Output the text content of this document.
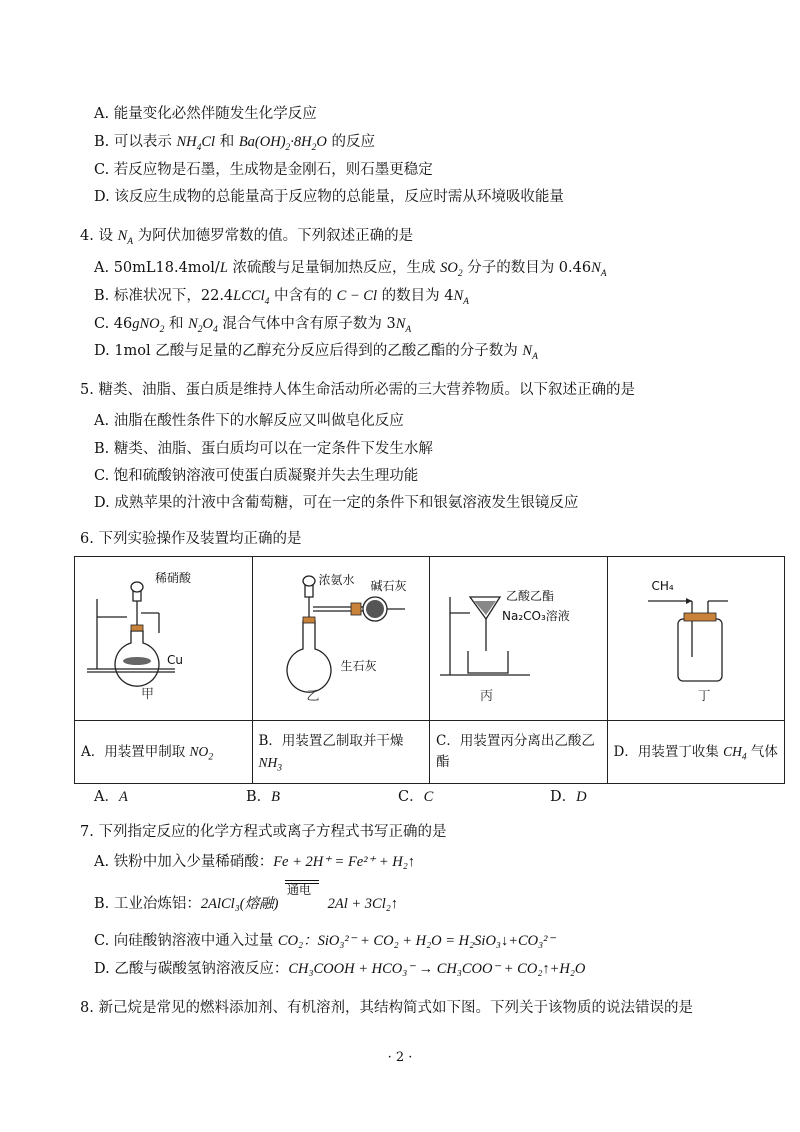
A. 能量变化必然伴随发生化学反应
B. 可以表示 $NH_4Cl$ 和 $Ba(OH)_2\cdot 8H_2O$ 的反应
C. 若反应物是石墨，生成物是金刚石，则石墨更稳定
D. 该反应生成物的总能量高于反应物的总能量，反应时需从环境吸收能量
4. 设 $N_A$ 为阿伏加德罗常数的值。下列叙述正确的是
A. 50mL18.4mol/L 浓硫酸与足量铜加热反应，生成 $SO_2$ 分子的数目为 $0.46N_A$
B. 标准状况下，22.4LCCl$_4$ 中含有的 C − Cl 的数目为 $4N_A$
C. 46gNO$_2$ 和 $N_2O_4$ 混合气体中含有原子数为 $3N_A$
D. 1mol 乙酸与足量的乙醇充分反应后得到的乙酸乙酯的分子数为 $N_A$
5. 糖类、油脂、蛋白质是维持人体生命活动所必需的三大营养物质。以下叙述正确的是
A. 油脂在酸性条件下的水解反应又叫做皂化反应
B. 糖类、油脂、蛋白质均可以在一定条件下发生水解
C. 饱和硫酸钠溶液可使蛋白质凝聚并失去生理功能
D. 成熟苹果的汁液中含葡萄糖，可在一定的条件下和银氨溶液发生银镜反应
6. 下列实验操作及装置均正确的是
稀硝酸
Cu
甲	浓氨水 碱石灰
生石灰
乙	乙酸乙酯
Na₂CO₃溶液
丙	CH₄
丁

A．用装置甲制取 $NO_2$	B．用装置乙制取并干燥 $NH_3$	C．用装置丙分离出乙酸乙酯	D．用装置丁收集 $CH_4$ 气体
A．A	B．B	C．C	D．D
7. 下列指定反应的化学方程式或离子方程式书写正确的是
A. 铁粉中加入少量稀硝酸：Fe + 2H⁺ = Fe²⁺ + H₂↑
B. 工业冶炼铝：2AlCl₃(熔融)
通电
2Al + 3Cl₂↑
C. 向硅酸钠溶液中通入过量 CO₂：SiO₃²⁻ + CO₂ + H₂O = H₂SiO₃↓+CO₃²⁻
D. 乙酸与碳酸氢钠溶液反应：CH₃COOH + HCO₃⁻ → CH₃COO⁻ + CO₂↑+H₂O
8. 新己烷是常见的燃料添加剂、有机溶剂，其结构简式如下图。下列关于该物质的说法错误的是
· 2 ·
